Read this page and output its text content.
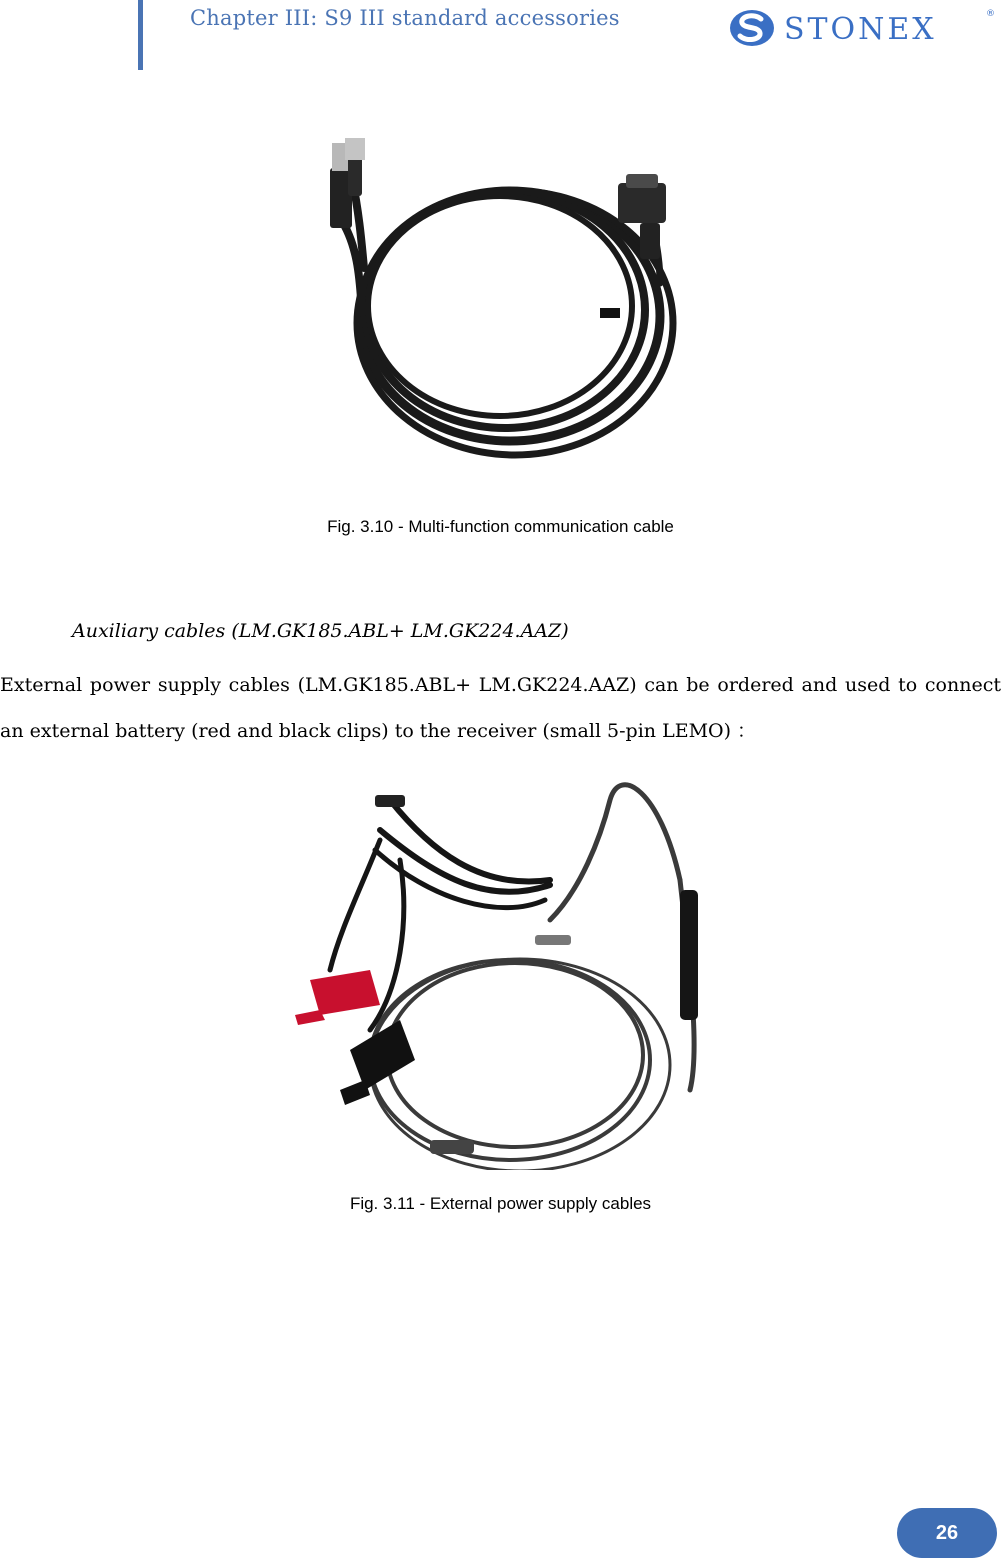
Chapter III: S9 III standard accessories	STONEX	®
Fig. 3.10 - Multi-function communication cable
Auxiliary cables (LM.GK185.ABL+ LM.GK224.AAZ)
External power supply cables (LM.GK185.ABL+ LM.GK224.AAZ) can be ordered and used to connect an external battery (red and black clips) to the receiver (small 5-pin LEMO) ：
Fig. 3.11 - External power supply cables
26
